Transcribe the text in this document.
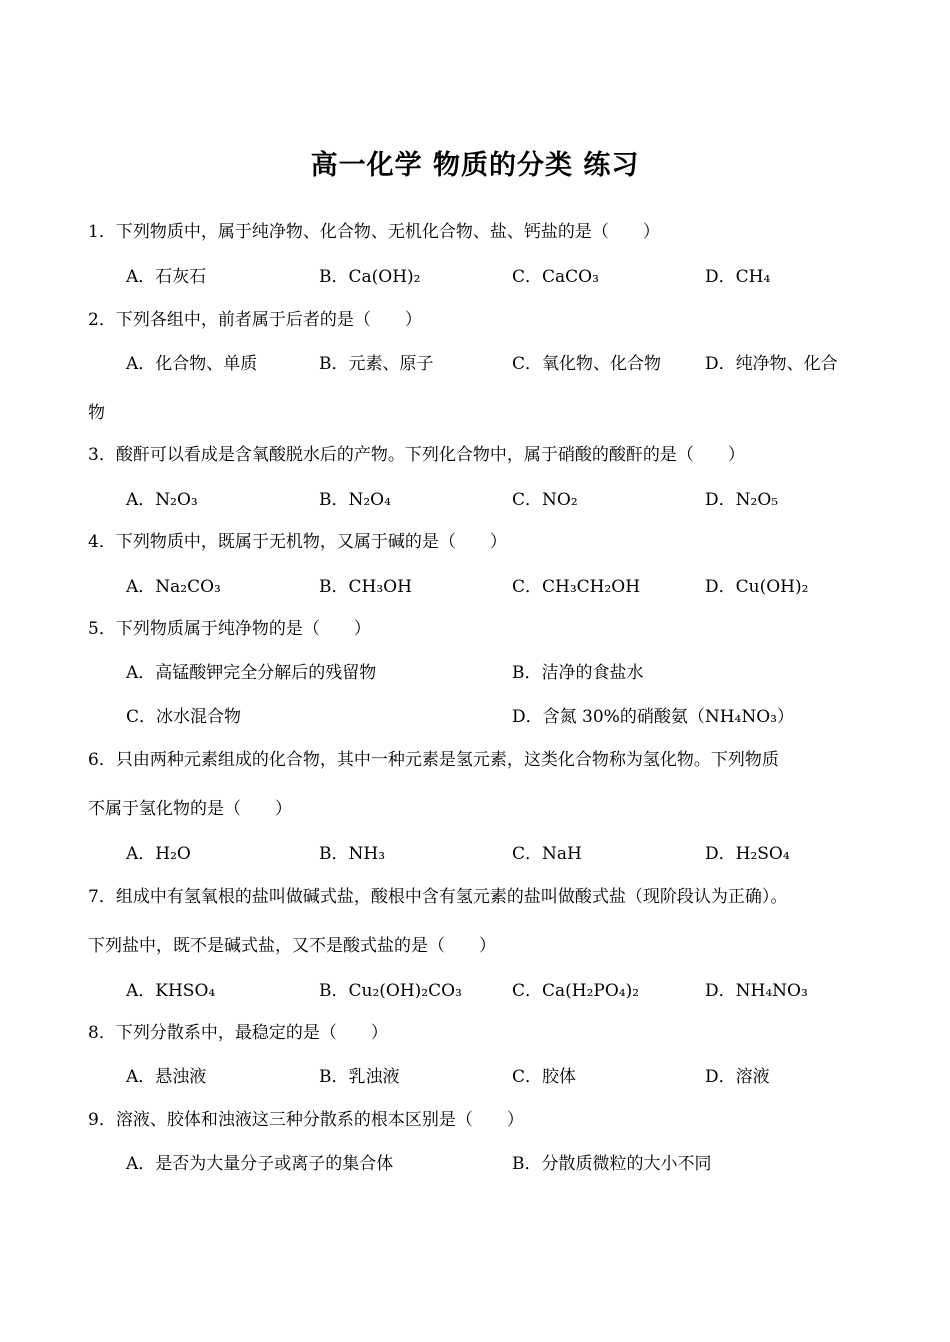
高一化学 物质的分类 练习
1．下列物质中，属于纯净物、化合物、无机化合物、盐、钙盐的是（　　）
A．石灰石	B．Ca(OH)₂	C．CaCO₃	D．CH₄
2．下列各组中，前者属于后者的是（　　）
A．化合物、单质	B．元素、原子	C．氧化物、化合物	D．纯净物、化合
物
3．酸酐可以看成是含氧酸脱水后的产物。下列化合物中，属于硝酸的酸酐的是（　　）
A．N₂O₃	B．N₂O₄	C．NO₂	D．N₂O₅
4．下列物质中，既属于无机物，又属于碱的是（　　）
A．Na₂CO₃	B．CH₃OH	C．CH₃CH₂OH	D．Cu(OH)₂
5．下列物质属于纯净物的是（　　）
A．高锰酸钾完全分解后的残留物	B．洁净的食盐水
C．冰水混合物	D．含氮 30%的硝酸氨（NH₄NO₃）
6．只由两种元素组成的化合物，其中一种元素是氢元素，这类化合物称为氢化物。下列物质
不属于氢化物的是（　　）
A．H₂O	B．NH₃	C．NaH	D．H₂SO₄
7．组成中有氢氧根的盐叫做碱式盐，酸根中含有氢元素的盐叫做酸式盐（现阶段认为正确）。
下列盐中，既不是碱式盐，又不是酸式盐的是（　　）
A．KHSO₄	B．Cu₂(OH)₂CO₃	C．Ca(H₂PO₄)₂	D．NH₄NO₃
8．下列分散系中，最稳定的是（　　）
A．悬浊液	B．乳浊液	C．胶体	D．溶液
9．溶液、胶体和浊液这三种分散系的根本区别是（　　）
A．是否为大量分子或离子的集合体	B．分散质微粒的大小不同
